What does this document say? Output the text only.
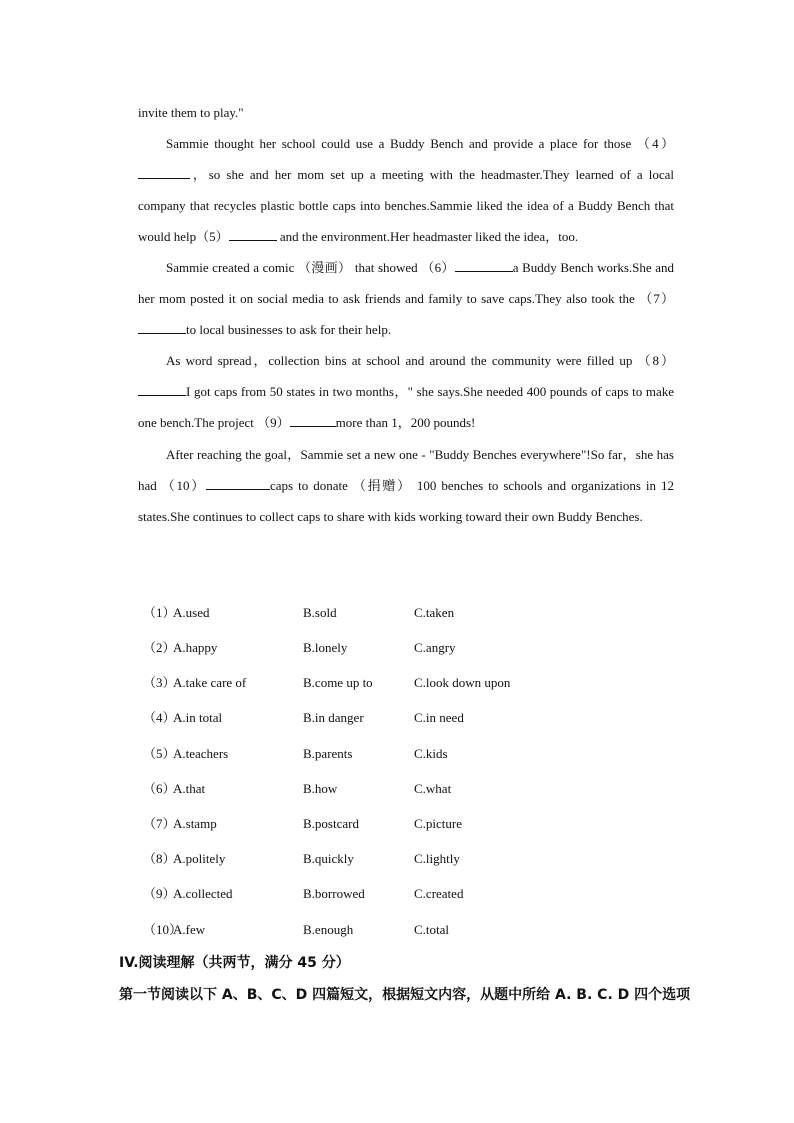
invite them to play."
Sammie thought her school could use a Buddy Bench and provide a place for those （4），so she and her mom set up a meeting with the headmaster.They learned of a local company that recycles plastic bottle caps into benches.Sammie liked the idea of a Buddy Bench that would help（5）	and the environment.Her headmaster liked the idea，too.
Sammie created a comic （漫画） that showed （6）	a Buddy Bench works.She and her mom posted it on social media to ask friends and family to save caps.They also took the （7）to local businesses to ask for their help.
As word spread，collection bins at school and around the community were filled up （8）I got caps from 50 states in two months，" she says.She needed 400 pounds of caps to make one bench.The project （9）	more than 1，200 pounds!
After reaching the goal，Sammie set a new one - "Buddy Benches everywhere"!So far，she has had （10）	caps to donate （捐赠） 100 benches to schools and organizations in 12 states.She continues to collect caps to share with kids working toward their own Buddy Benches.
（1）
A.used	B.sold	C.taken
（2）
A.happy	B.lonely	C.angry
（3）
A.take care of	B.come up to	C.look down upon
（4）
A.in total	B.in danger	C.in need
（5）
A.teachers	B.parents	C.kids
（6）
A.that	B.how	C.what
（7）
A.stamp	B.postcard	C.picture
（8）
A.politely	B.quickly	C.lightly
（9）
A.collected	B.borrowed	C.created
（10）
A.few	B.enough	C.total
IV.阅读理解（共两节，满分 45 分）
第一节阅读以下 A、B、C、D 四篇短文，根据短文内容，从题中所给 A. B. C. D 四个选项
